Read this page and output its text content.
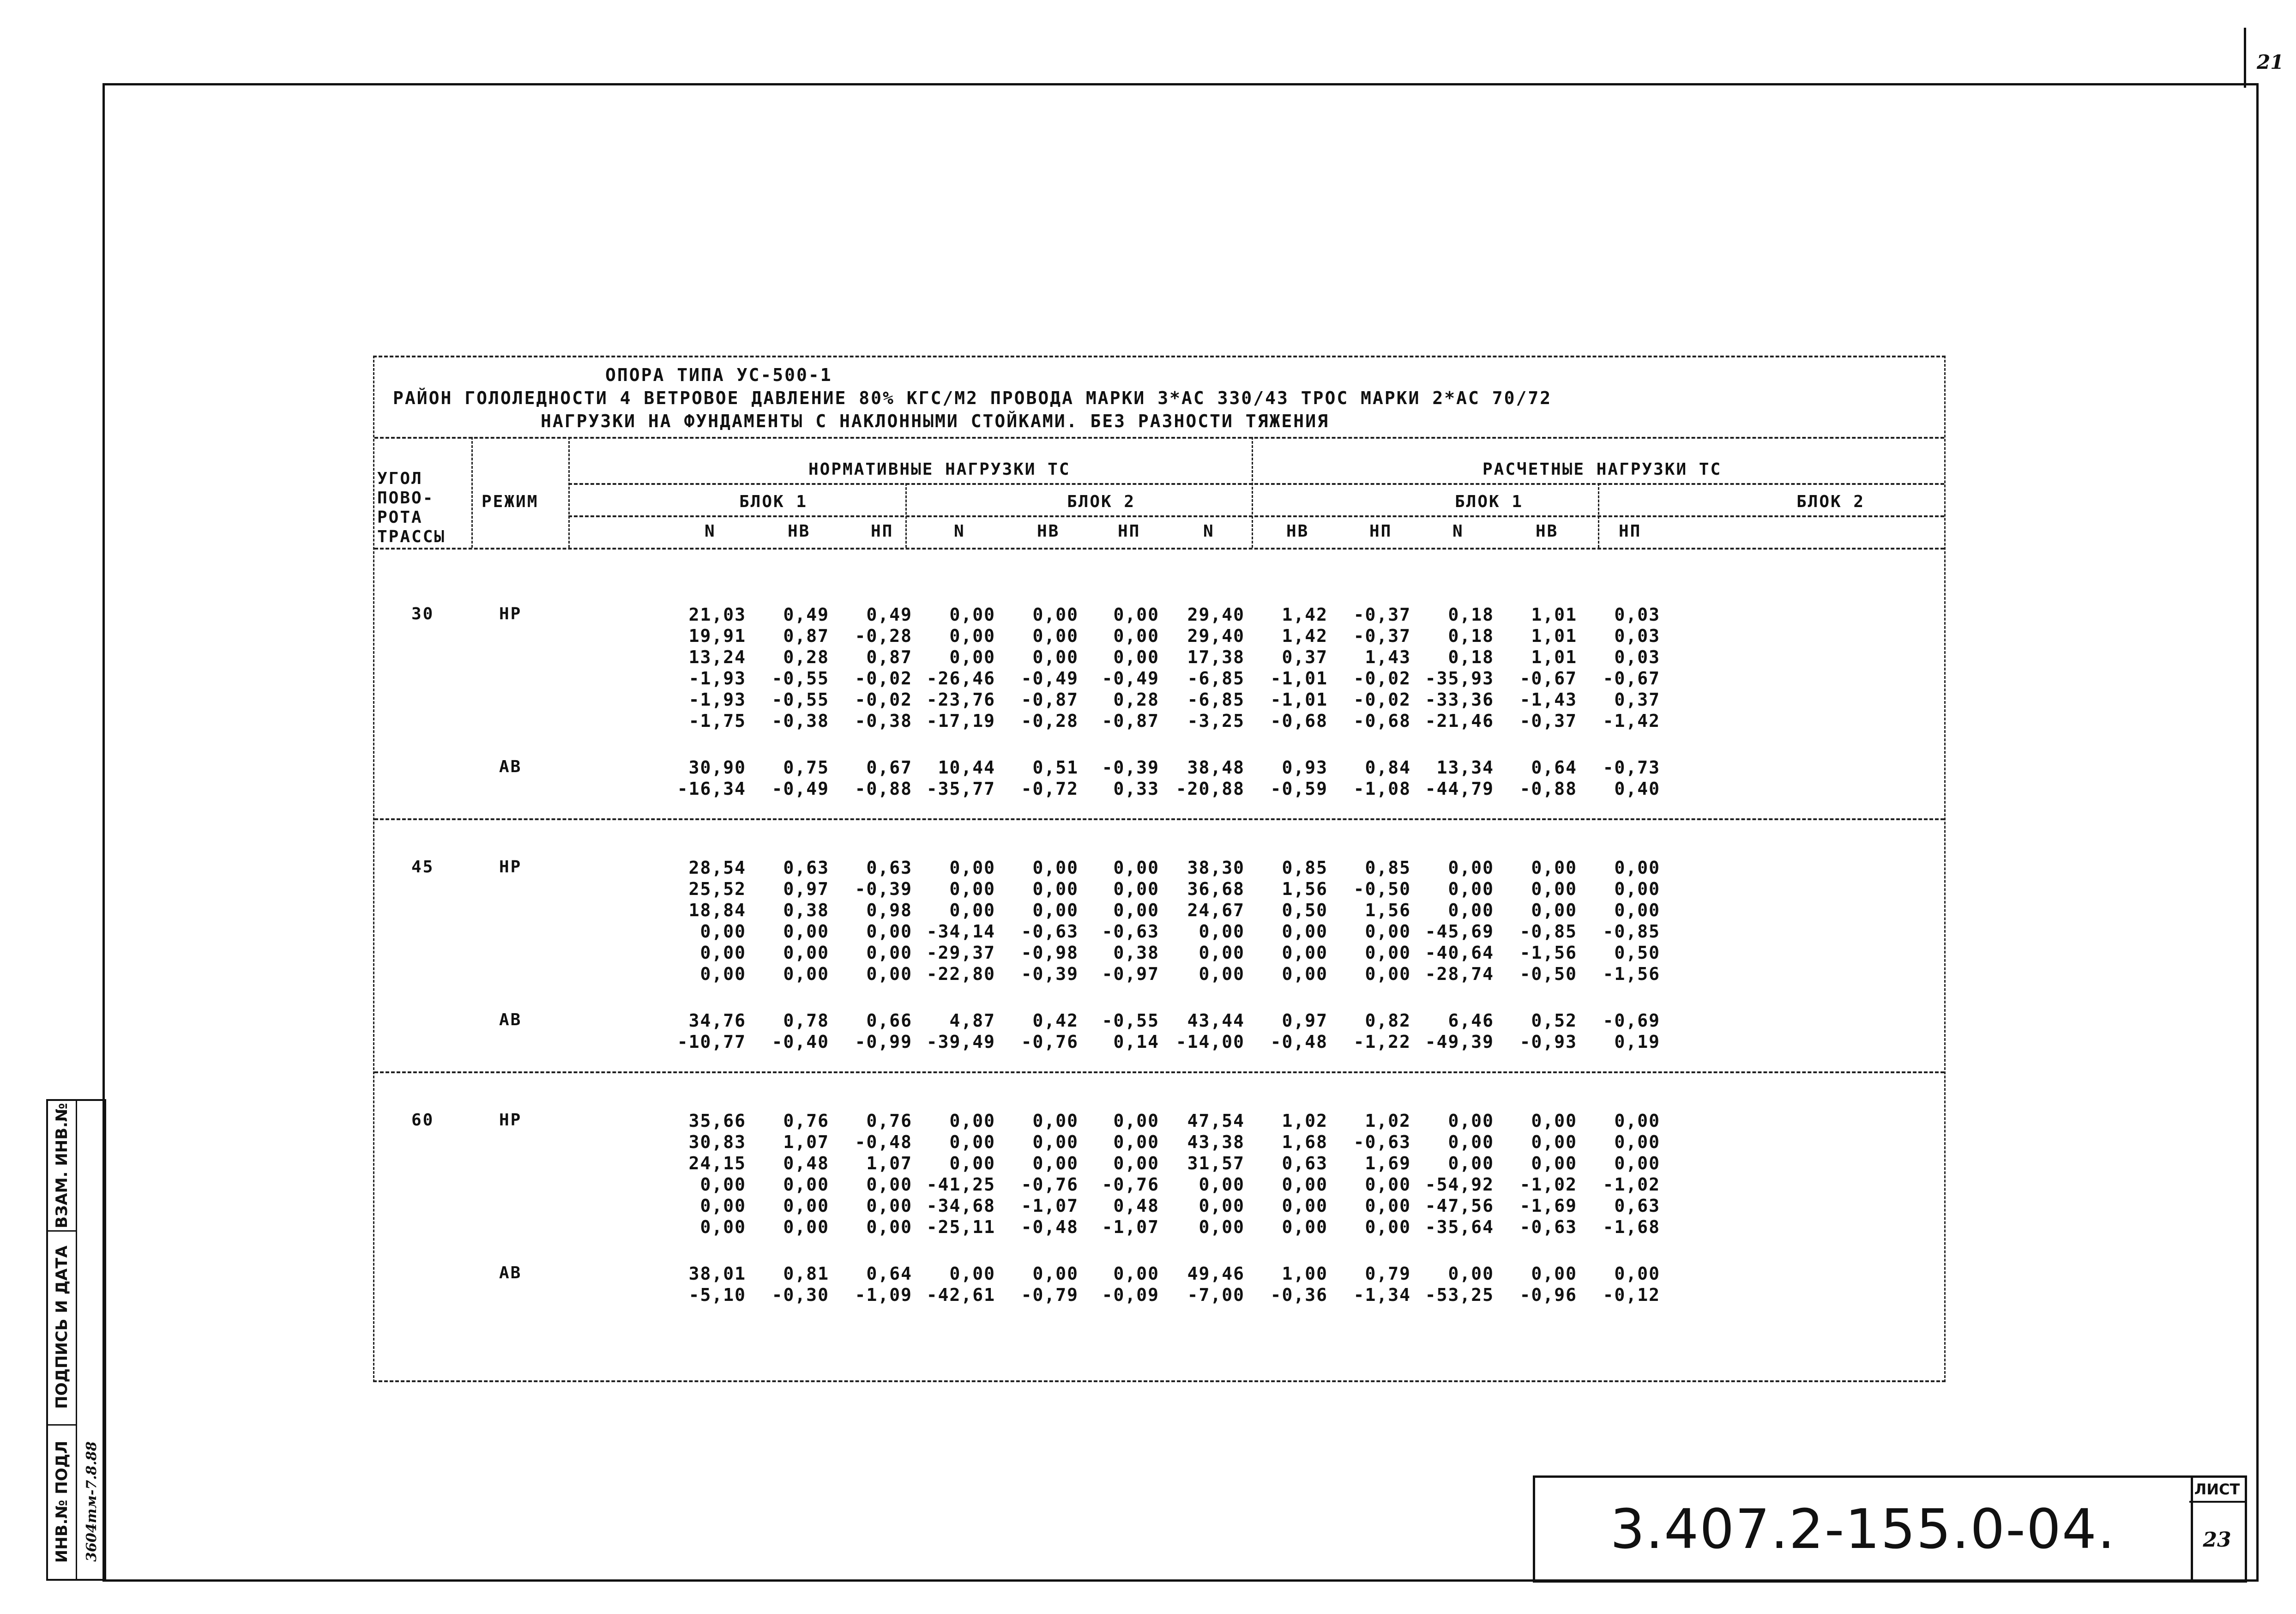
21
ВЗАМ. ИНВ.№
ПОДПИСЬ И ДАТА
ИНВ.№ ПОДЛ 3604тм-7.8.88	3.407.2-155.0-04.
ЛИСТ
23
ОПОРА ТИПА УС-500-1
РАЙОН ГОЛОЛЕДНОСТИ 4 ВЕТРОВОЕ ДАВЛЕНИЕ 80% КГС/М2 ПРОВОДА МАРКИ 3*АС 330/43 ТРОС МАРКИ 2*АС 70/72
НАГРУЗКИ НА ФУНДАМЕНТЫ С НАКЛОННЫМИ СТОЙКАМИ. БЕЗ РАЗНОСТИ ТЯЖЕНИЯ
НОРМАТИВНЫЕ НАГРУЗКИ ТС	РАСЧЕТНЫЕ НАГРУЗКИ ТС
БЛОК 1	БЛОК 2	БЛОК 1	БЛОК 2
УГОЛ
ПОВО-
РОТА
ТРАССЫ
РЕЖИМ
N	НВ	НП	N	НВ	НП	N	НВ	НП	N	НВ	НП
30	НР	21,03	0,49	0,49	0,00	0,00	0,00	29,40	1,42	-0,37	0,18	1,01	0,03
19,91	0,87	-0,28	0,00	0,00	0,00	29,40	1,42	-0,37	0,18	1,01	0,03
13,24	0,28	0,87	0,00	0,00	0,00	17,38	0,37	1,43	0,18	1,01	0,03
-1,93	-0,55	-0,02 -26,46	-0,49	-0,49	-6,85	-1,01	-0,02 -35,93	-0,67	-0,67
-1,93	-0,55	-0,02 -23,76	-0,87	0,28	-6,85	-1,01	-0,02 -33,36	-1,43	0,37
-1,75	-0,38	-0,38 -17,19	-0,28	-0,87	-3,25	-0,68	-0,68 -21,46	-0,37	-1,42
АВ	30,90	0,75	0,67	10,44	0,51	-0,39	38,48	0,93	0,84	13,34	0,64	-0,73
-16,34	-0,49	-0,88 -35,77	-0,72	0,33 -20,88	-0,59	-1,08 -44,79	-0,88	0,40
45	НР	28,54	0,63	0,63	0,00	0,00	0,00	38,30	0,85	0,85	0,00	0,00	0,00
25,52	0,97	-0,39	0,00	0,00	0,00	36,68	1,56	-0,50	0,00	0,00	0,00
18,84	0,38	0,98	0,00	0,00	0,00	24,67	0,50	1,56	0,00	0,00	0,00
0,00	0,00	0,00 -34,14	-0,63	-0,63	0,00	0,00	0,00 -45,69	-0,85	-0,85
0,00	0,00	0,00 -29,37	-0,98	0,38	0,00	0,00	0,00 -40,64	-1,56	0,50
0,00	0,00	0,00 -22,80	-0,39	-0,97	0,00	0,00	0,00 -28,74	-0,50	-1,56
АВ	34,76	0,78	0,66	4,87	0,42	-0,55	43,44	0,97	0,82	6,46	0,52	-0,69
-10,77	-0,40	-0,99 -39,49	-0,76	0,14 -14,00	-0,48	-1,22 -49,39	-0,93	0,19
60	НР	35,66	0,76	0,76	0,00	0,00	0,00	47,54	1,02	1,02	0,00	0,00	0,00
30,83	1,07	-0,48	0,00	0,00	0,00	43,38	1,68	-0,63	0,00	0,00	0,00
24,15	0,48	1,07	0,00	0,00	0,00	31,57	0,63	1,69	0,00	0,00	0,00
0,00	0,00	0,00 -41,25	-0,76	-0,76	0,00	0,00	0,00 -54,92	-1,02	-1,02
0,00	0,00	0,00 -34,68	-1,07	0,48	0,00	0,00	0,00 -47,56	-1,69	0,63
0,00	0,00	0,00 -25,11	-0,48	-1,07	0,00	0,00	0,00 -35,64	-0,63	-1,68
АВ	38,01	0,81	0,64	0,00	0,00	0,00	49,46	1,00	0,79	0,00	0,00	0,00
-5,10	-0,30	-1,09 -42,61	-0,79	-0,09	-7,00	-0,36	-1,34 -53,25	-0,96	-0,12
